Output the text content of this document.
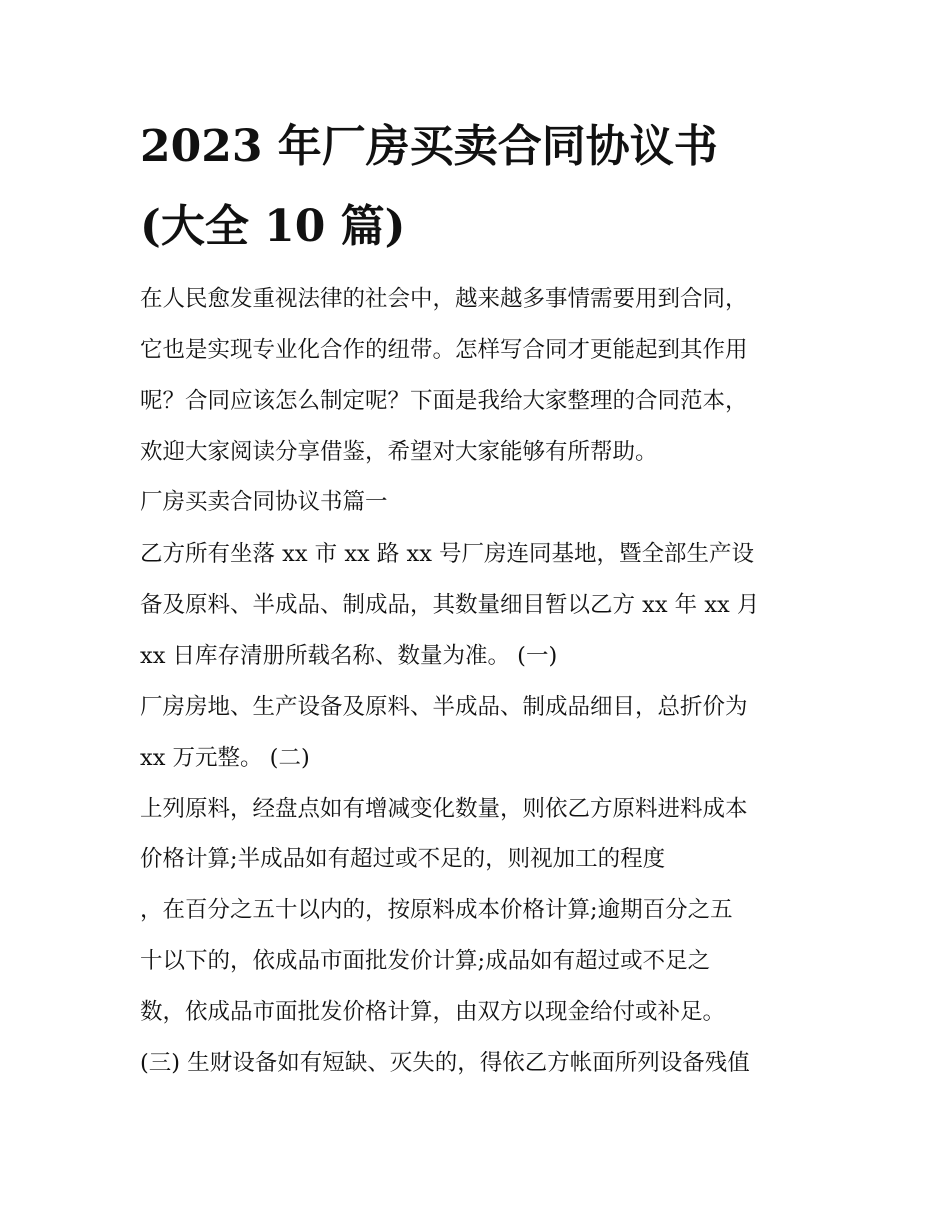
2023 年厂房买卖合同协议书
(大全 10 篇)

在人民愈发重视法律的社会中，越来越多事情需要用到合同，

它也是实现专业化合作的纽带。怎样写合同才更能起到其作用

呢？合同应该怎么制定呢？下面是我给大家整理的合同范本，

欢迎大家阅读分享借鉴，希望对大家能够有所帮助。

厂房买卖合同协议书篇一

乙方所有坐落 xx 市 xx 路 xx 号厂房连同基地，暨全部生产设

备及原料、半成品、制成品，其数量细目暂以乙方 xx 年 xx 月

xx 日库存清册所载名称、数量为准。 (一)

厂房房地、生产设备及原料、半成品、制成品细目，总折价为

xx 万元整。 (二)

上列原料，经盘点如有增减变化数量，则依乙方原料进料成本

价格计算;半成品如有超过或不足的，则视加工的程度

，在百分之五十以内的，按原料成本价格计算;逾期百分之五

十以下的，依成品市面批发价计算;成品如有超过或不足之

数，依成品市面批发价格计算，由双方以现金给付或补足。

(三) 生财设备如有短缺、灭失的，得依乙方帐面所列设备残值
